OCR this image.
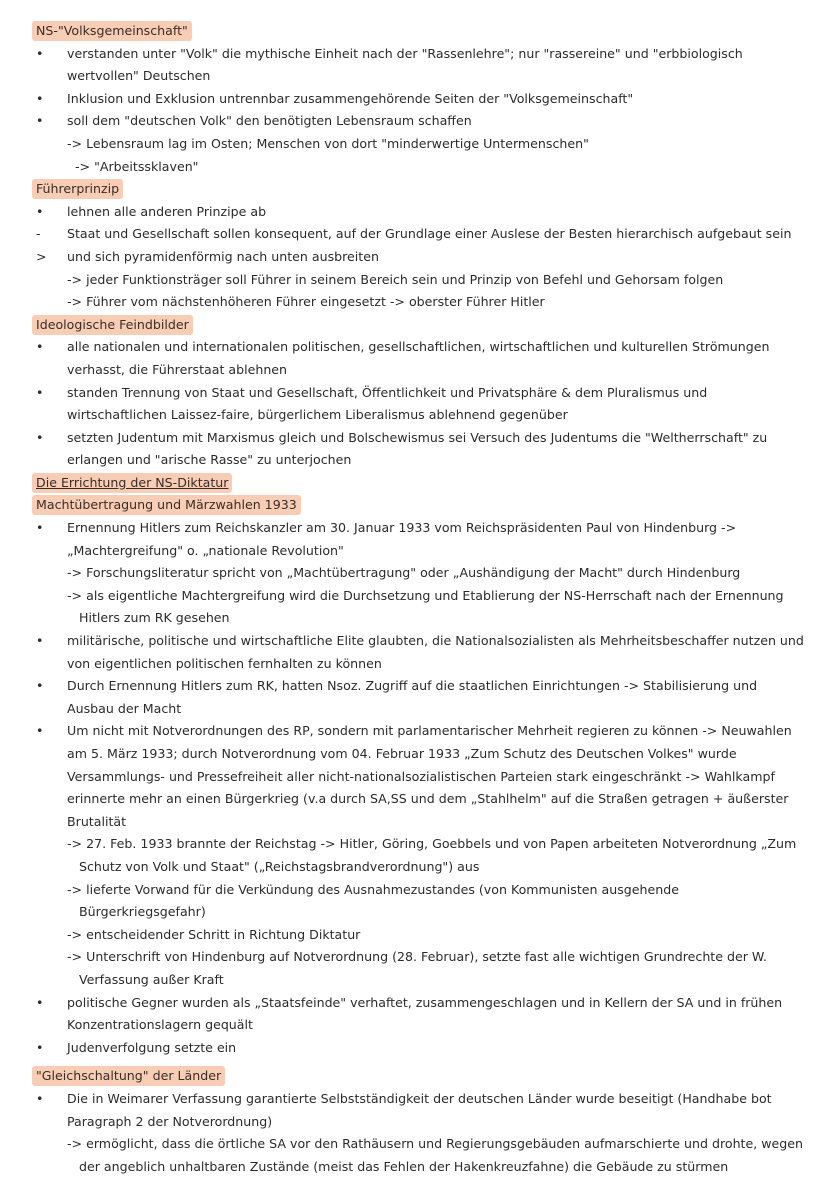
NS-"Volksgemeinschaft"
•	verstanden unter "Volk" die mythische Einheit nach der "Rassenlehre"; nur "rassereine" und "erbbiologisch wertvollen" Deutschen
•	Inklusion und Exklusion untrennbar zusammengehörende Seiten der "Volksgemeinschaft"
•	soll dem "deutschen Volk" den benötigten Lebensraum schaffen
-> Lebensraum lag im Osten; Menschen von dort "minderwertige Untermenschen"
-> "Arbeitssklaven"
Führerprinzip
•	lehnen alle anderen Prinzipe ab
->
Staat und Gesellschaft sollen konsequent, auf der Grundlage einer Auslese der Besten hierarchisch aufgebaut sein und sich pyramidenförmig nach unten ausbreiten
-> jeder Funktionsträger soll Führer in seinem Bereich sein und Prinzip von Befehl und Gehorsam folgen
-> Führer vom nächstenhöheren Führer eingesetzt -> oberster Führer Hitler
Ideologische Feindbilder
•	alle nationalen und internationalen politischen, gesellschaftlichen, wirtschaftlichen und kulturellen Strömungen verhasst, die Führerstaat ablehnen
•	standen Trennung von Staat und Gesellschaft, Öffentlichkeit und Privatsphäre & dem Pluralismus und wirtschaftlichen Laissez-faire, bürgerlichem Liberalismus ablehnend gegenüber
•	setzten Judentum mit Marxismus gleich und Bolschewismus sei Versuch des Judentums die "Weltherrschaft" zu erlangen und "arische Rasse" zu unterjochen
Die Errichtung der NS-Diktatur
Machtübertragung und Märzwahlen 1933
•	Ernennung Hitlers zum Reichskanzler am 30. Januar 1933 vom Reichspräsidenten Paul von Hindenburg -> „Machtergreifung" o. „nationale Revolution"
-> Forschungsliteratur spricht von „Machtübertragung" oder „Aushändigung der Macht" durch Hindenburg
-> als eigentliche Machtergreifung wird die Durchsetzung und Etablierung der NS-Herrschaft nach der Ernennung Hitlers zum RK gesehen
•	militärische, politische und wirtschaftliche Elite glaubten, die Nationalsozialisten als Mehrheitsbeschaffer nutzen und von eigentlichen politischen fernhalten zu können
•	Durch Ernennung Hitlers zum RK, hatten Nsoz. Zugriff auf die staatlichen Einrichtungen -> Stabilisierung und Ausbau der Macht
•	Um nicht mit Notverordnungen des RP, sondern mit parlamentarischer Mehrheit regieren zu können -> Neuwahlen am 5. März 1933; durch Notverordnung vom 04. Februar 1933 „Zum Schutz des Deutschen Volkes" wurde Versammlungs- und Pressefreiheit aller nicht-nationalsozialistischen Parteien stark eingeschränkt -> Wahlkampf erinnerte mehr an einen Bürgerkrieg (v.a durch SA,SS und dem „Stahlhelm" auf die Straßen getragen + äußerster Brutalität
-> 27. Feb. 1933 brannte der Reichstag -> Hitler, Göring, Goebbels und von Papen arbeiteten Notverordnung „Zum Schutz von Volk und Staat" („Reichstagsbrandverordnung") aus
-> lieferte Vorwand für die Verkündung des Ausnahmezustandes (von Kommunisten ausgehende Bürgerkriegsgefahr)
-> entscheidender Schritt in Richtung Diktatur
-> Unterschrift von Hindenburg auf Notverordnung (28. Februar), setzte fast alle wichtigen Grundrechte der W. Verfassung außer Kraft
•	politische Gegner wurden als „Staatsfeinde" verhaftet, zusammengeschlagen und in Kellern der SA und in frühen Konzentrationslagern gequält
•	Judenverfolgung setzte ein
"Gleichschaltung" der Länder
•	Die in Weimarer Verfassung garantierte Selbstständigkeit der deutschen Länder wurde beseitigt (Handhabe bot Paragraph 2 der Notverordnung)
-> ermöglicht, dass die örtliche SA vor den Rathäusern und Regierungsgebäuden aufmarschierte und drohte, wegen der angeblich unhaltbaren Zustände (meist das Fehlen der Hakenkreuzfahne) die Gebäude zu stürmen
